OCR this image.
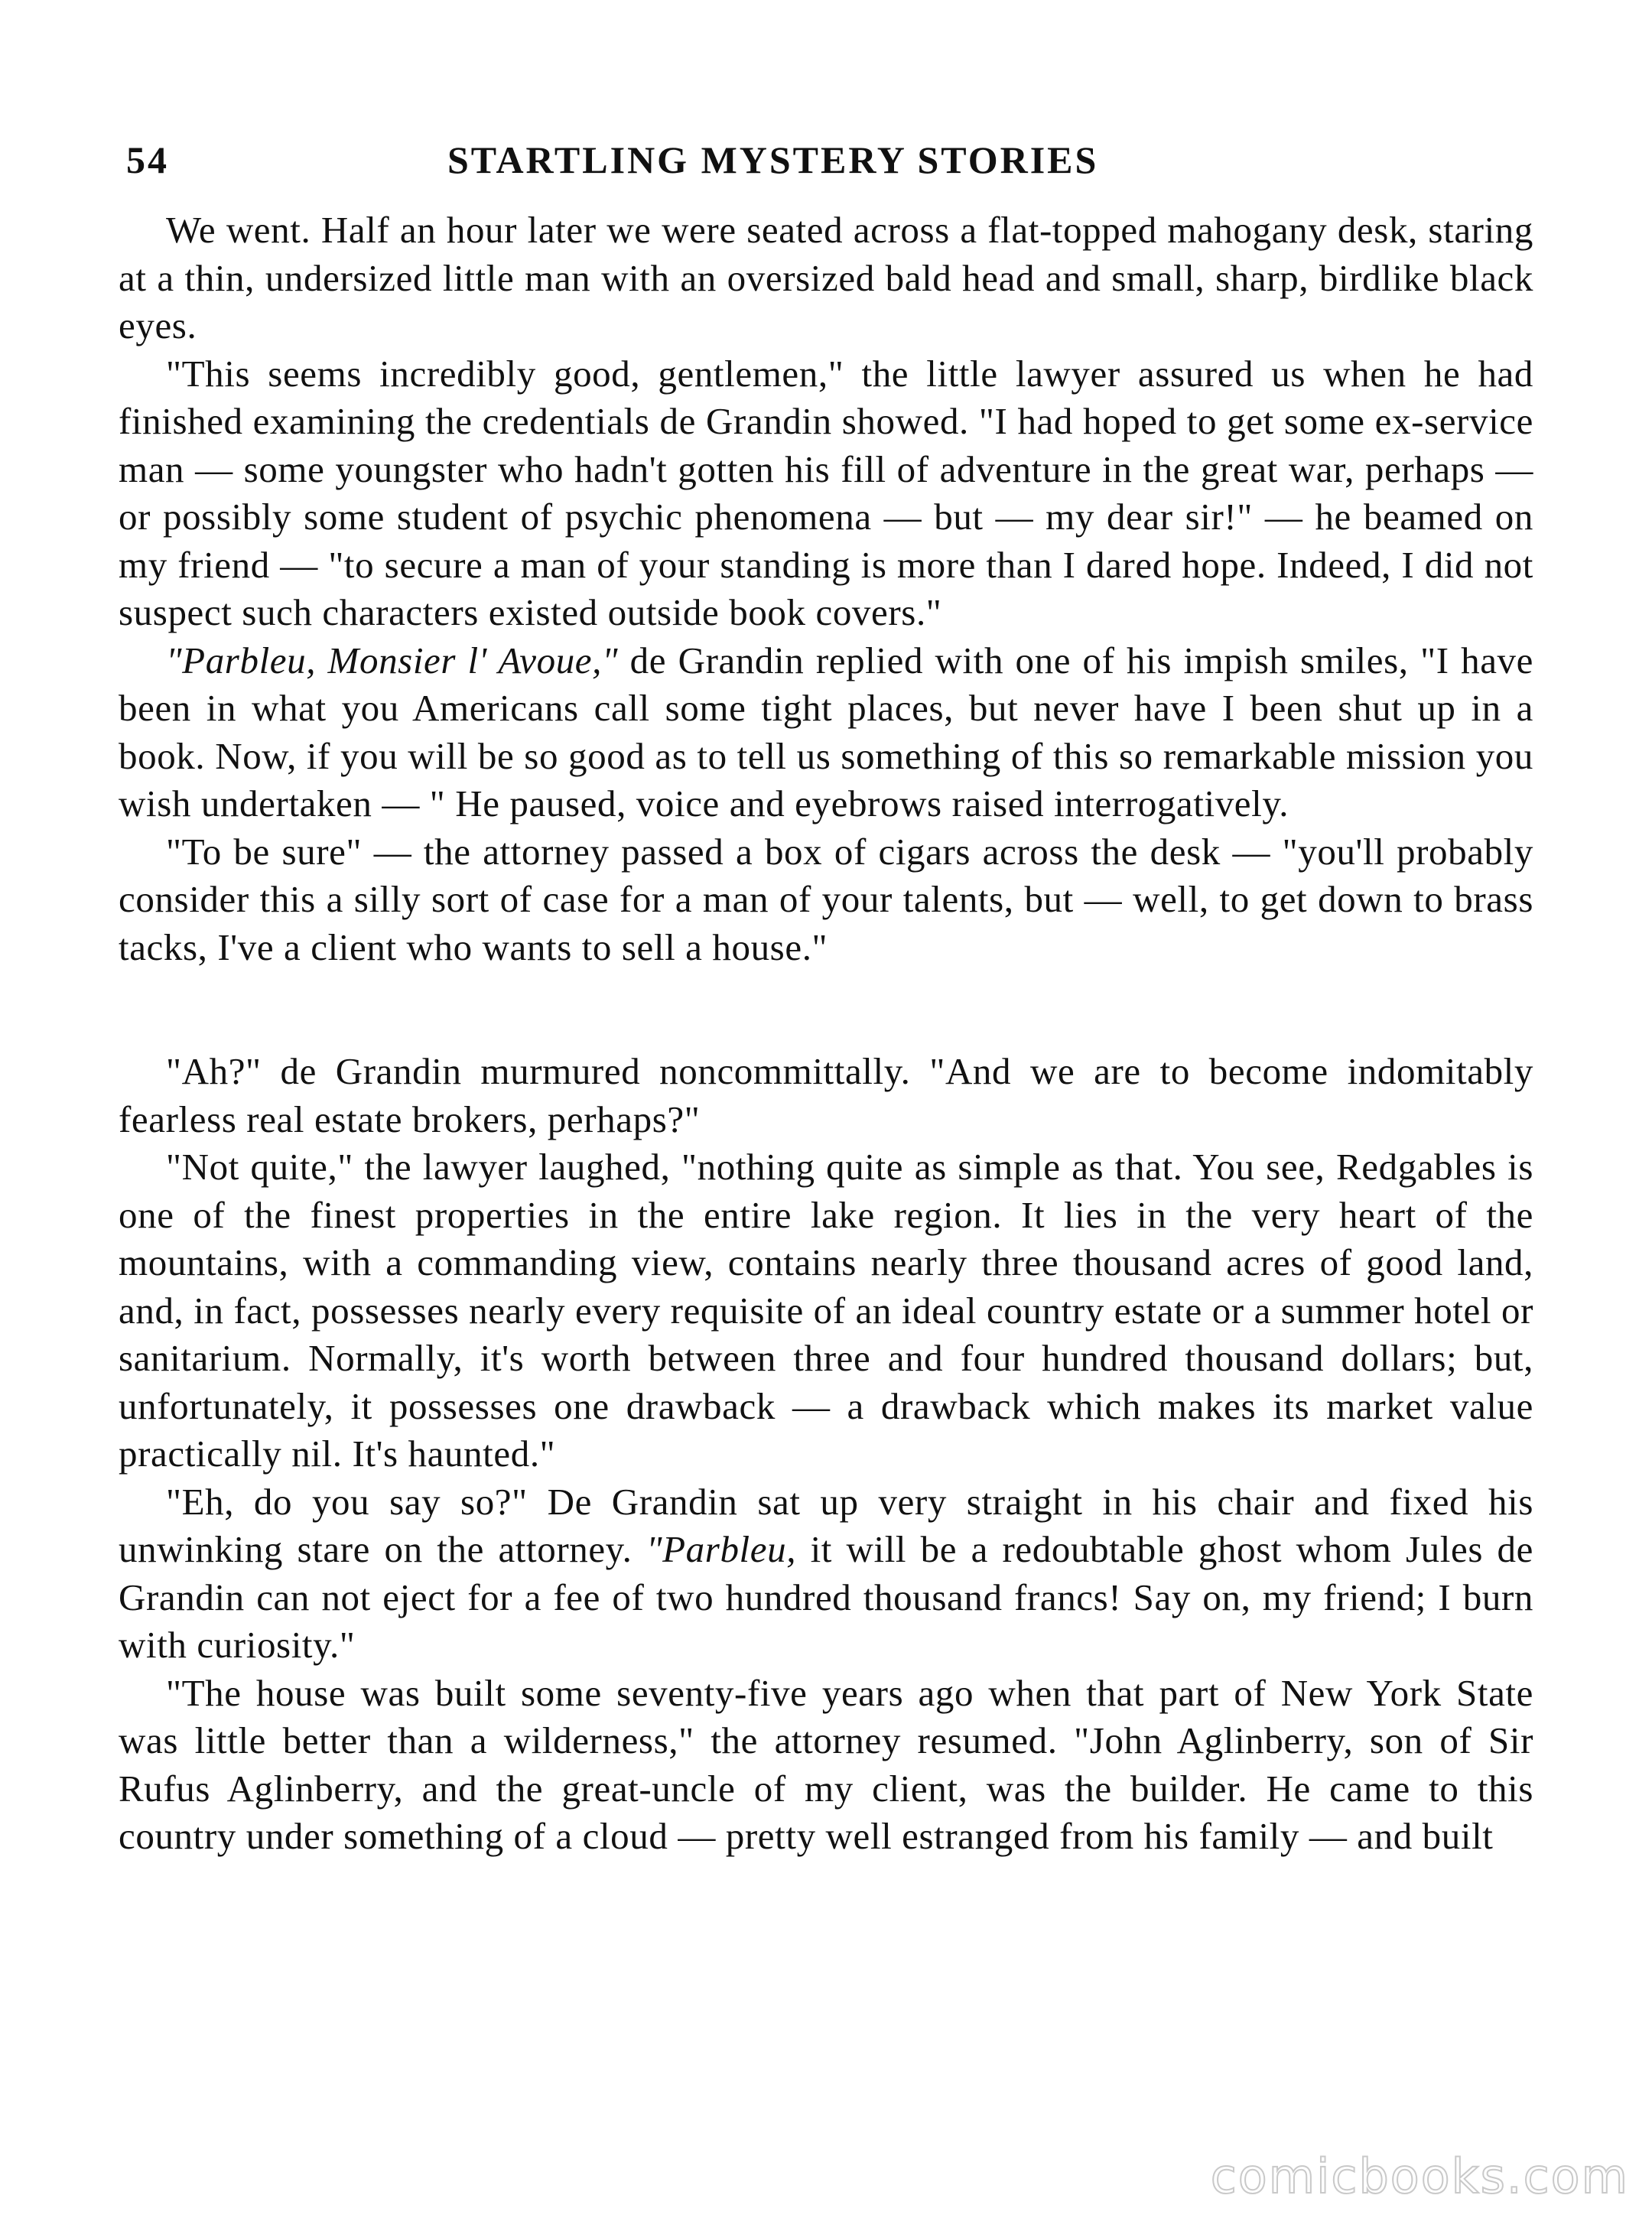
54	STARTLING MYSTERY STORIES

We went. Half an hour later we were seated across a flat-topped mahogany desk, staring at a thin, undersized little man with an oversized bald head and small, sharp, birdlike black eyes.

"This seems incredibly good, gentlemen," the little lawyer assured us when he had finished examining the credentials de Grandin showed. "I had hoped to get some ex-service man — some youngster who hadn't gotten his fill of adventure in the great war, perhaps — or possibly some student of psychic phenomena — but — my dear sir!" — he beamed on my friend — "to secure a man of your standing is more than I dared hope. Indeed, I did not suspect such characters existed outside book covers."

"Parbleu, Monsier l' Avoue," de Grandin replied with one of his impish smiles, "I have been in what you Americans call some tight places, but never have I been shut up in a book. Now, if you will be so good as to tell us something of this so remarkable mission you wish undertaken — " He paused, voice and eyebrows raised interrogatively.

"To be sure" — the attorney passed a box of cigars across the desk — "you'll probably consider this a silly sort of case for a man of your talents, but — well, to get down to brass tacks, I've a client who wants to sell a house."

"Ah?" de Grandin murmured noncommittally. "And we are to become indomitably fearless real estate brokers, perhaps?"

"Not quite," the lawyer laughed, "nothing quite as simple as that. You see, Redgables is one of the finest properties in the entire lake region. It lies in the very heart of the mountains, with a commanding view, contains nearly three thousand acres of good land, and, in fact, possesses nearly every requisite of an ideal country estate or a summer hotel or sanitarium. Normally, it's worth between three and four hundred thousand dollars; but, unfortunately, it possesses one drawback — a drawback which makes its market value practically nil. It's haunted."

"Eh, do you say so?" De Grandin sat up very straight in his chair and fixed his unwinking stare on the attorney. "Parbleu, it will be a redoubtable ghost whom Jules de Grandin can not eject for a fee of two hundred thousand francs! Say on, my friend; I burn with curiosity."

"The house was built some seventy-five years ago when that part of New York State was little better than a wilderness," the attorney resumed. "John Aglinberry, son of Sir Rufus Aglinberry, and the great-uncle of my client, was the builder. He came to this country under something of a cloud — pretty well estranged from his family — and built

comicbooks.com
